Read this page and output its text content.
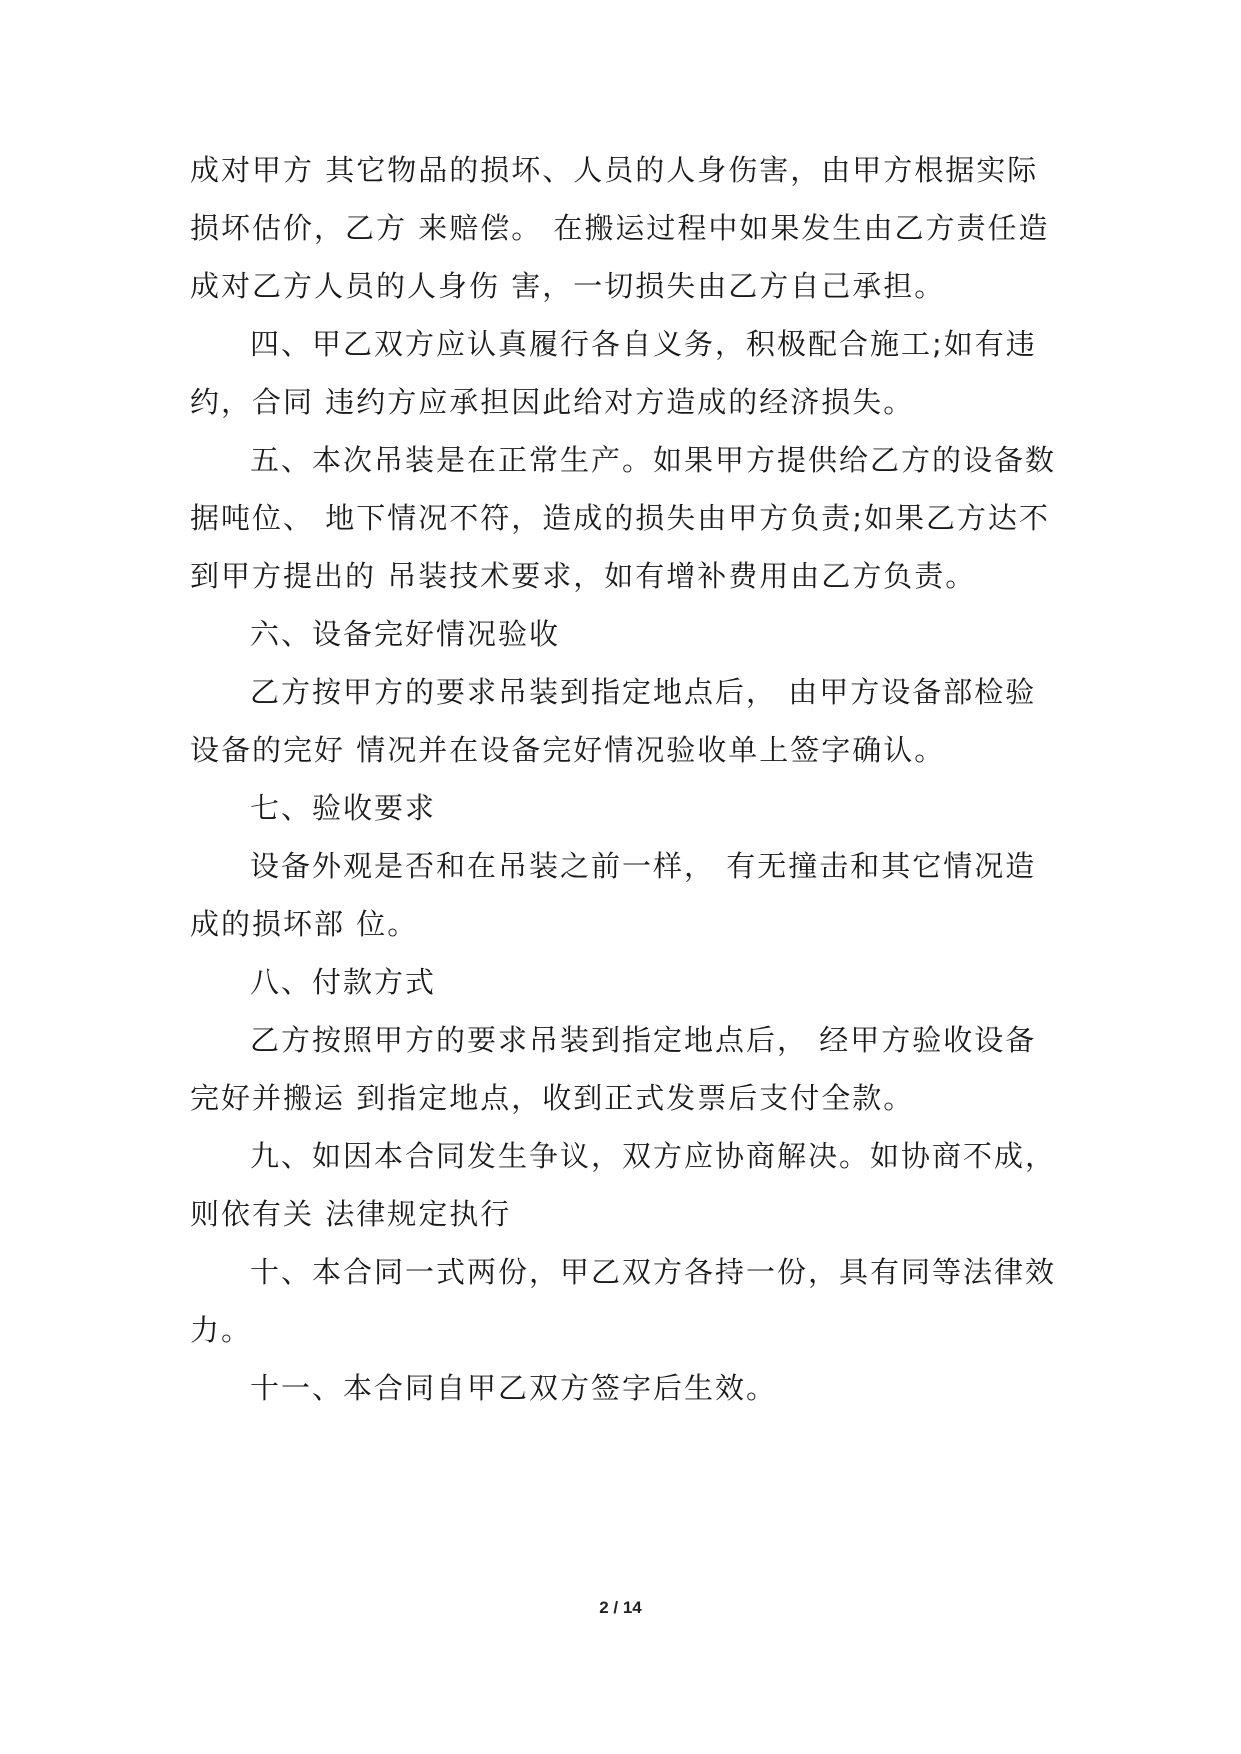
成对甲方 其它物品的损坏、人员的人身伤害，由甲方根据实际
损坏估价，乙方 来赔偿。 在搬运过程中如果发生由乙方责任造
成对乙方人员的人身伤 害，一切损失由乙方自己承担。
四、甲乙双方应认真履行各自义务，积极配合施工;如有违
约，合同 违约方应承担因此给对方造成的经济损失。
五、本次吊装是在正常生产。如果甲方提供给乙方的设备数
据吨位、 地下情况不符，造成的损失由甲方负责;如果乙方达不
到甲方提出的 吊装技术要求，如有增补费用由乙方负责。
六、设备完好情况验收
乙方按甲方的要求吊装到指定地点后， 由甲方设备部检验
设备的完好 情况并在设备完好情况验收单上签字确认。
七、验收要求
设备外观是否和在吊装之前一样， 有无撞击和其它情况造
成的损坏部 位。
八、付款方式
乙方按照甲方的要求吊装到指定地点后， 经甲方验收设备
完好并搬运 到指定地点，收到正式发票后支付全款。
九、如因本合同发生争议，双方应协商解决。如协商不成，
则依有关 法律规定执行
十、本合同一式两份，甲乙双方各持一份，具有同等法律效
力。
十一、本合同自甲乙双方签字后生效。
2 / 14
